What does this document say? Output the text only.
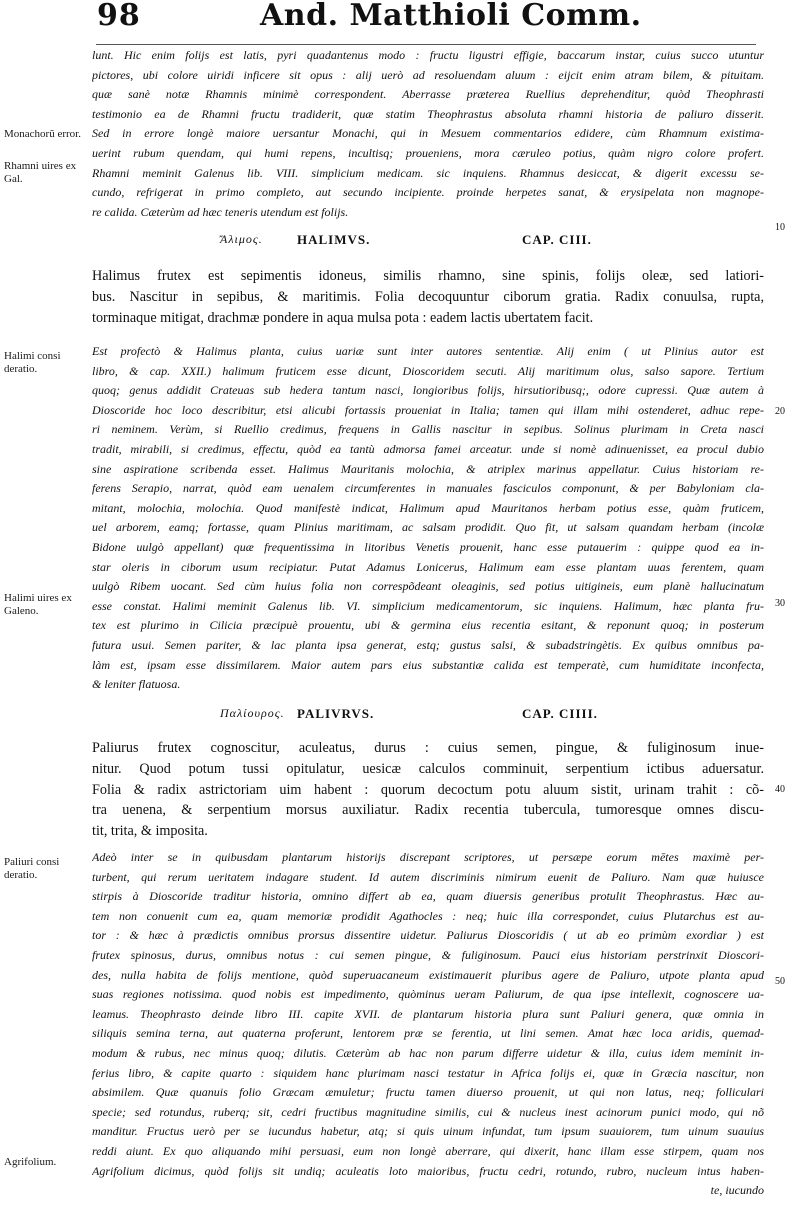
98	And. Matthioli Comm.
Monachorũ error.
Rhamni uires ex Gal.
Halimi consi deratio.
Halimi uires ex Galeno.
Paliuri consi deratio.
Agrifolium.
10
20
30
40
50
lunt. Hic enim folijs est latis, pyri quadantenus modo : fructu ligustri effigie, baccarum instar, cuius succo utuntur
pictores, ubi colore uiridi inficere sit opus : alij uerò ad resoluendam aluum : eijcit enim atram bilem, & pituitam.
quæ sanè notæ Rhamnis minimè correspondent. Aberrasse præterea Ruellius deprehenditur, quòd Theophrasti
testimonio ea de Rhamni fructu tradiderit, quæ statim Theophrastus absoluta rhamni historia de paliuro disserit.
Sed in errore longè maiore uersantur Monachi, qui in Mesuem commentarios edidere, cùm Rhamnum existima-
uerint rubum quendam, qui humi repens, incultisq; proueniens, mora cæruleo potius, quàm nigro colore profert.
Rhamni meminit Galenus lib. VIII. simplicium medicam. sic inquiens. Rhamnus desiccat, & digerit excessu se-
cundo, refrigerat in primo completo, aut secundo incipiente. proinde herpetes sanat, & erysipelata non magnope-
re calida. Cæterùm ad hæc teneris utendum est folijs.
Ἄλιμος.	HALIMVS.	CAP. CIII.
Halimus frutex est sepimentis idoneus, similis rhamno, sine spinis, folijs oleæ, sed latiori-
bus. Nascitur in sepibus, & maritimis. Folia decoquuntur ciborum gratia. Radix conuulsa, rupta,
torminaque mitigat, drachmæ pondere in aqua mulsa pota : eadem lactis ubertatem facit.
Est profectò & Halimus planta, cuius uariæ sunt inter autores sententiæ. Alij enim ( ut Plinius autor est
libro, & cap. XXII.) halimum fruticem esse dicunt, Dioscoridem secuti. Alij maritimum olus, salso sapore. Tertium
quoq; genus addidit Crateuas sub hedera tantum nasci, longioribus folijs, hirsutioribusq;, odore cupressi. Quæ autem à
Dioscoride hoc loco describitur, etsi alicubi fortassis proueniat in Italia; tamen qui illam mihi ostenderet, adhuc repe-
ri neminem. Verùm, si Ruellio credimus, frequens in Gallis nascitur in sepibus. Solinus plurimam in Creta nasci
tradit, mirabili, si credimus, effectu, quòd ea tantù admorsa famei arceatur. unde si nomè adinuenisset, ea procul dubio
sine aspiratione scribenda esset. Halimus Mauritanis molochia, & atriplex marinus appellatur. Cuius historiam re-
ferens Serapio, narrat, quòd eam uenalem circumferentes in manuales fasciculos componunt, & per Babyloniam cla-
mitant, molochia, molochia. Quod manifestè indicat, Halimum apud Mauritanos herbam potius esse, quàm fruticem,
uel arborem, eamq; fortasse, quam Plinius maritimam, ac salsam prodidit. Quo fit, ut salsam quandam herbam (incolæ
Bidone uulgò appellant) quæ frequentissima in litoribus Venetis prouenit, hanc esse putauerim : quippe quod ea in-
star oleris in ciborum usum recipiatur. Putat Adamus Lonicerus, Halimum eam esse plantam uuas ferentem, quam
uulgò Ribem uocant. Sed cùm huius folia non correspõdeant oleaginis, sed potius uitigineis, eum planè hallucinatum
esse constat. Halimi meminit Galenus lib. VI. simplicium medicamentorum, sic inquiens. Halimum, hæc planta fru-
tex est plurimo in Cilicia præcipuè prouentu, ubi & germina eius recentia esitant, & reponunt quoq; in posterum
futura usui. Semen pariter, & lac planta ipsa generat, estq; gustus salsi, & subadstringètis. Ex quibus omnibus pa-
làm est, ipsam esse dissimilarem. Maior autem pars eius substantiæ calida est temperatè, cum humiditate inconfecta,
& leniter flatuosa.
Παλίουρος. PALIVRVS.	CAP. CIIII.
Paliurus frutex cognoscitur, aculeatus, durus : cuius semen, pingue, & fuliginosum inue-
nitur. Quod potum tussi opitulatur, uesicæ calculos comminuit, serpentium ictibus aduersatur.
Folia & radix astrictoriam uim habent : quorum decoctum potu aluum sistit, urinam trahit : cõ-
tra uenena, & serpentium morsus auxiliatur. Radix recentia tubercula, tumoresque omnes discu-
tit, trita, & imposita.
Adeò inter se in quibusdam plantarum historijs discrepant scriptores, ut persæpe eorum mētes maximè per-
turbent, qui rerum ueritatem indagare student. Id autem discriminis nimirum euenit de Paliuro. Nam quæ huiusce
stirpis à Dioscoride traditur historia, omnino differt ab ea, quam diuersis generibus protulit Theophrastus. Hæc au-
tem non conuenit cum ea, quam memoriæ prodidit Agathocles : neq; huic illa correspondet, cuius Plutarchus est au-
tor : & hæc à prædictis omnibus prorsus dissentire uidetur. Paliurus Dioscoridis ( ut ab eo primùm exordiar ) est
frutex spinosus, durus, omnibus notus : cui semen pingue, & fuliginosum. Pauci eius historiam perstrinxit Dioscori-
des, nulla habita de folijs mentione, quòd superuacaneum existimauerit pluribus agere de Paliuro, utpote planta apud
suas regiones notissima. quod nobis est impedimento, quòminus ueram Paliurum, de qua ipse intellexit, cognoscere ua-
leamus. Theophrasto deinde libro III. capite XVII. de plantarum historia plura sunt Paliuri genera, quæ omnia in
siliquis semina terna, aut quaterna proferunt, lentorem præ se ferentia, ut lini semen. Amat hæc loca aridis, quemad-
modum & rubus, nec minus quoq; dilutis. Cæterùm ab hac non parum differre uidetur & illa, cuius idem meminit in-
ferius libro, & capite quarto : siquidem hanc plurimam nasci testatur in Africa folijs ei, quæ in Græcia nascitur, non
absimilem. Quæ quanuis folio Græcam æmuletur; fructu tamen diuerso prouenit, ut qui non latus, neq; folliculari
specie; sed rotundus, ruberq; sit, cedri fructibus magnitudine similis, cui & nucleus inest acinorum punici modo, qui nõ
manditur. Fructus uerò per se iucundus habetur, atq; si quis uinum infundat, tum ipsum suauiorem, tum uinum suauius
reddi aiunt. Ex quo aliquando mihi persuasi, eum non longè aberrare, qui dixerit, hanc illam esse stirpem, quam nos
Agrifolium dicimus, quòd folijs sit undiq; aculeatis loto maioribus, fructu cedri, rotundo, rubro, nucleum intus haben-
te, iucundo
